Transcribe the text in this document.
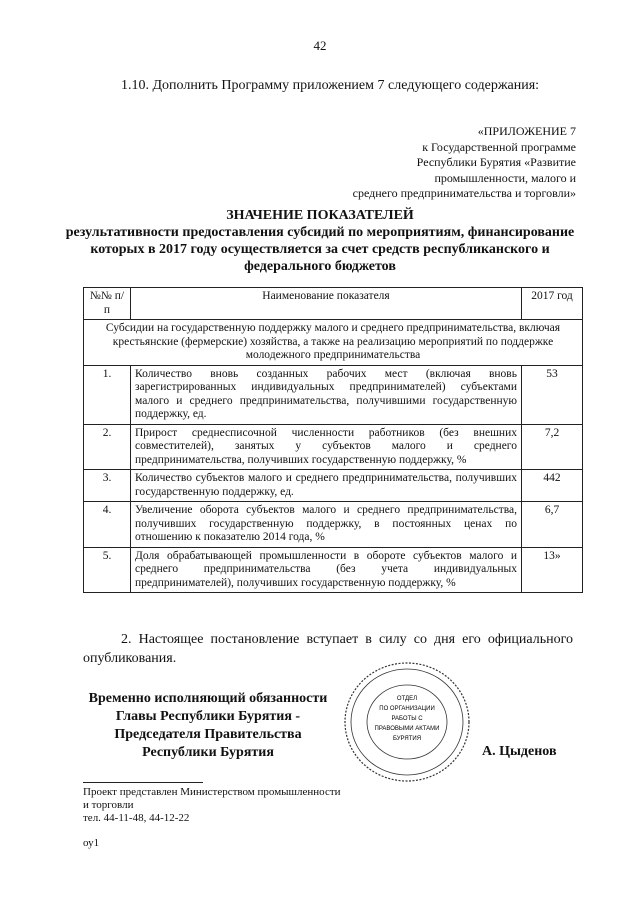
42
1.10. Дополнить Программу приложением 7 следующего содержания:
«ПРИЛОЖЕНИЕ 7
к Государственной программе
Республики Бурятия «Развитие
промышленности, малого и
среднего предпринимательства и торговли»
ЗНАЧЕНИЕ ПОКАЗАТЕЛЕЙ
результативности предоставления субсидий по мероприятиям, финансирование которых в 2017 году осуществляется за счет средств республиканского и федерального бюджетов
№№ п/п	Наименование показателя	2017 год
Субсидии на государственную поддержку малого и среднего предпринимательства, включая крестьянские (фермерские) хозяйства, а также на реализацию мероприятий по поддержке молодежного предпринимательства		
1.	Количество вновь созданных рабочих мест (включая вновь зарегистрированных индивидуальных предпринимателей) субъектами малого и среднего предпринимательства, получившими государственную поддержку, ед.	53
2.	Прирост среднесписочной численности работников (без внешних совместителей), занятых у субъектов малого и среднего предпринимательства, получивших государственную поддержку, %	7,2
3.	Количество субъектов малого и среднего предпринимательства, получивших государственную поддержку, ед.	442
4.	Увеличение оборота субъектов малого и среднего предпринимательства, получивших государственную поддержку, в постоянных ценах по отношению к показателю 2014 года, %	6,7
5.	Доля обрабатывающей промышленности в обороте субъектов малого и среднего предпринимательства (без учета индивидуальных предпринимателей), получивших государственную поддержку, %	13»
2. Настоящее постановление вступает в силу со дня его официального опубликования.
Временно исполняющий обязанности
Главы Республики Бурятия -
Председателя Правительства
Республики Бурятия
ОТДЕЛ
ПО ОРГАНИЗАЦИИ
РАБОТЫ С
ПРАВОВЫМИ АКТАМИ
БУРЯТИЯ
А. Цыденов
Проект представлен Министерством промышленности
и торговли
тел. 44-11-48, 44-12-22
оу1
